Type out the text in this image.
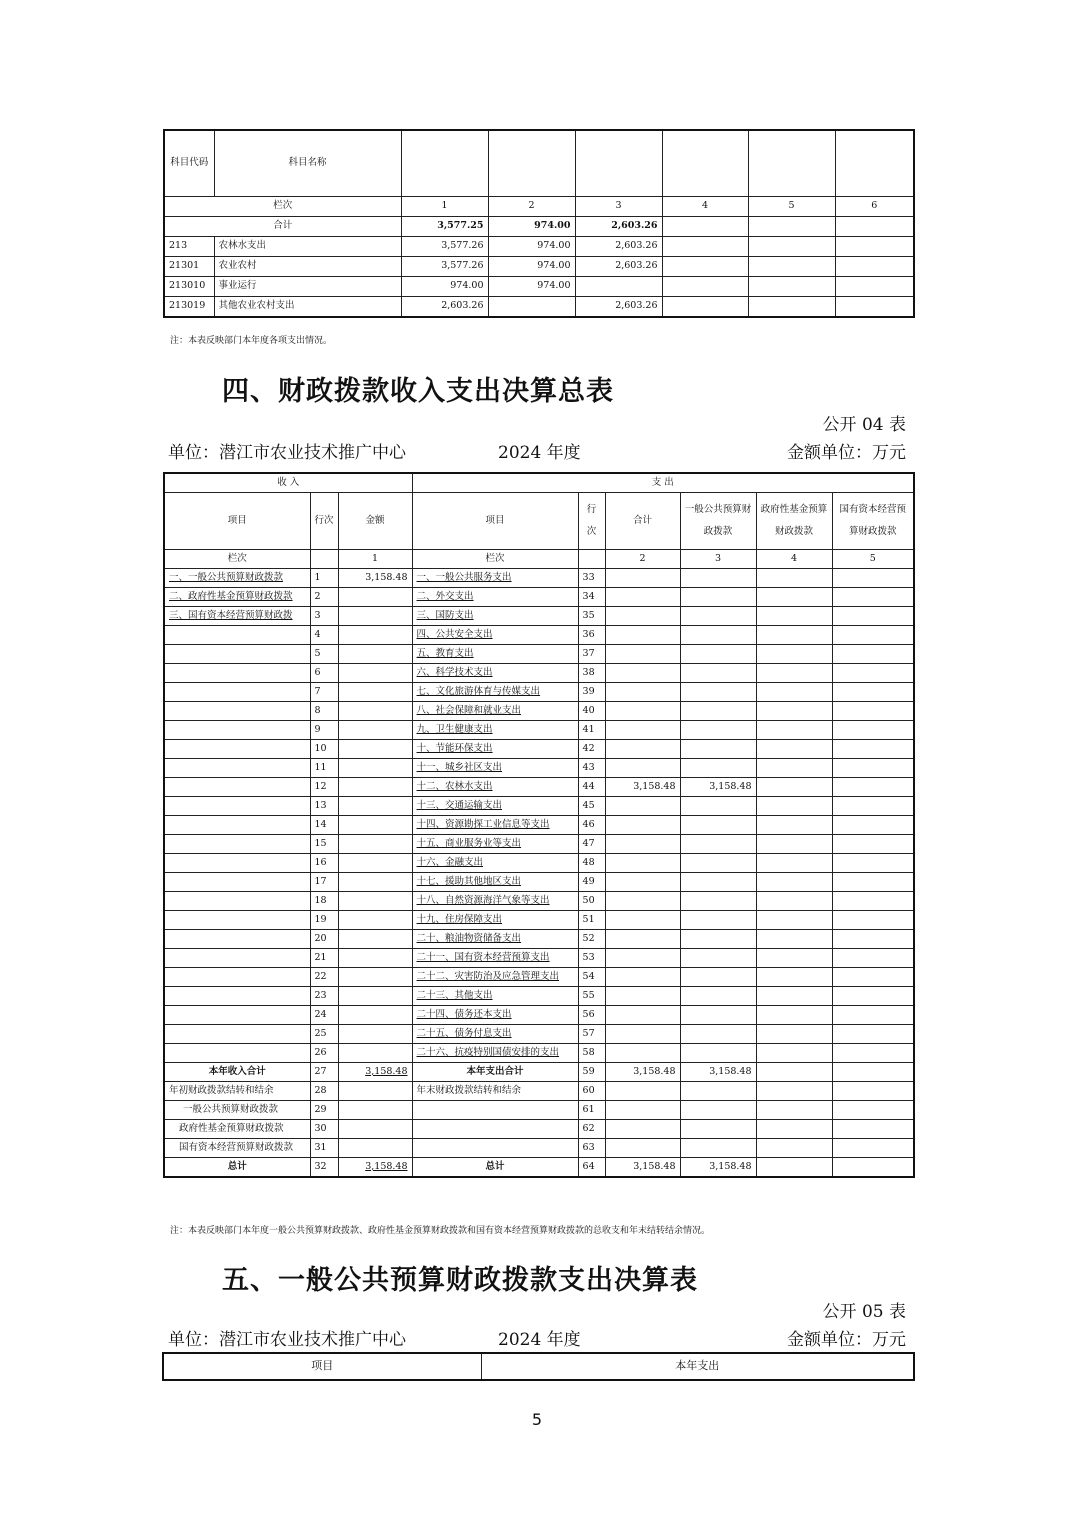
科目代码	科目名称						
栏次		1	2	3	4	5	6
合计		3,577.25	974.00	2,603.26			
213	农林水支出	3,577.26	974.00	2,603.26			
21301	农业农村	3,577.26	974.00	2,603.26			
213010	事业运行	974.00	974.00				
213019	其他农业农村支出	2,603.26		2,603.26			
注：本表反映部门本年度各项支出情况。
四、财政拨款收入支出决算总表
公开 04 表
单位：潜江市农业技术推广中心	2024 年度	金额单位：万元
收 入			支 出					
项目	行次	金额	项目	行次	合计	一般公共预算财政拨款	政府性基金预算财政拨款	国有资本经营预算财政拨款
栏次		1	栏次		2	3	4	5
一、一般公共预算财政拨款	1	3,158.48	一、一般公共服务支出	33				
二、政府性基金预算财政拨款	2		二、外交支出	34				
三、国有资本经营预算财政拨	3		三、国防支出	35				
	4		四、公共安全支出	36				
	5		五、教育支出	37				
	6		六、科学技术支出	38				
	7		七、文化旅游体育与传媒支出	39				
	8		八、社会保障和就业支出	40				
	9		九、卫生健康支出	41				
	10		十、节能环保支出	42				
	11		十一、城乡社区支出	43				
	12		十二、农林水支出	44	3,158.48	3,158.48		
	13		十三、交通运输支出	45				
	14		十四、资源勘探工业信息等支出	46				
	15		十五、商业服务业等支出	47				
	16		十六、金融支出	48				
	17		十七、援助其他地区支出	49				
	18		十八、自然资源海洋气象等支出	50				
	19		十九、住房保障支出	51				
	20		二十、粮油物资储备支出	52				
	21		二十一、国有资本经营预算支出	53				
	22		二十二、灾害防治及应急管理支出	54				
	23		二十三、其他支出	55				
	24		二十四、债务还本支出	56				
	25		二十五、债务付息支出	57				
	26		二十六、抗疫特别国债安排的支出	58				
本年收入合计	27	3,158.48	本年支出合计	59	3,158.48	3,158.48		
年初财政拨款结转和结余	28		年末财政拨款结转和结余	60				
一般公共预算财政拨款	29			61				
政府性基金预算财政拨款	30			62				
国有资本经营预算财政拨款	31			63				
总计	32	3,158.48	总计	64	3,158.48	3,158.48		
注：本表反映部门本年度一般公共预算财政拨款、政府性基金预算财政拨款和国有资本经营预算财政拨款的总收支和年末结转结余情况。
五、一般公共预算财政拨款支出决算表
公开 05 表
单位：潜江市农业技术推广中心	2024 年度	金额单位：万元
项目	本年支出
5
